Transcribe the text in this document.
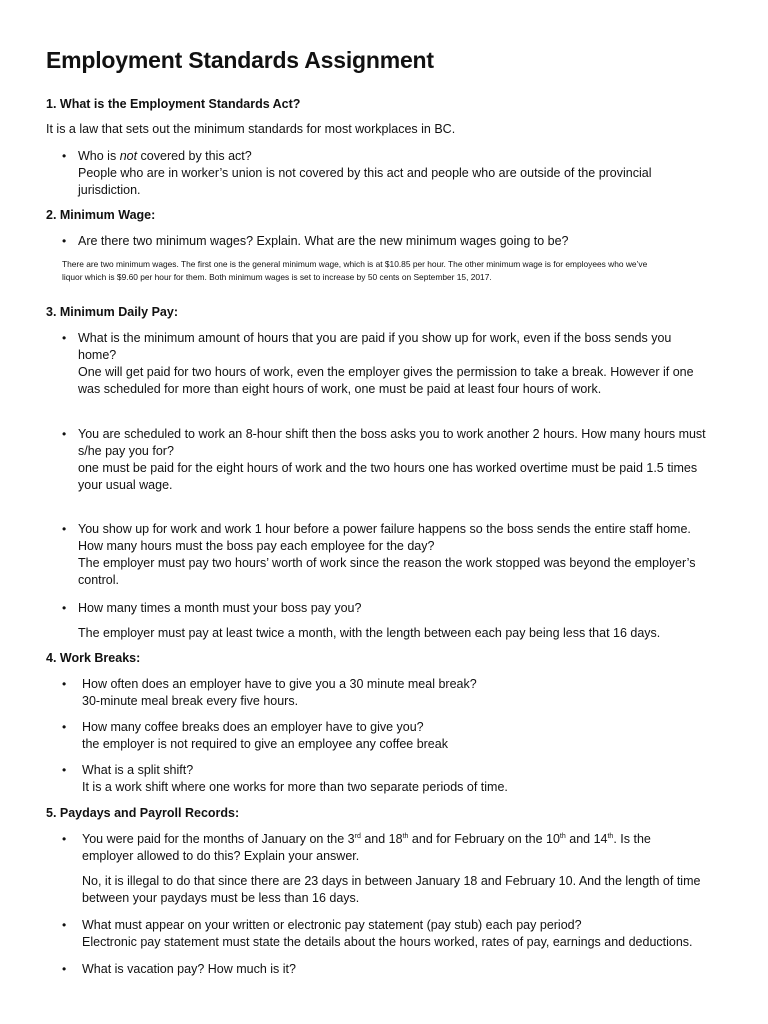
Employment Standards Assignment
1. What is the Employment Standards Act?
It is a law that sets out the minimum standards for most workplaces in BC.
• Who is not covered by this act?
People who are in worker’s union is not covered by this act and people who are outside of the provincial
jurisdiction.
2. Minimum Wage:
• Are there two minimum wages? Explain. What are the new minimum wages going to be?
There are two minimum wages. The first one is the general minimum wage, which is at $10.85 per hour. The other minimum wage is for employees who we’ve
liquor which is $9.60 per hour for them. Both minimum wages is set to increase by 50 cents on September 15, 2017.
3. Minimum Daily Pay:
• What is the minimum amount of hours that you are paid if you show up for work, even if the boss sends you
home?
One will get paid for two hours of work, even the employer gives the permission to take a break. However if one
was scheduled for more than eight hours of work, one must be paid at least four hours of work.
• You are scheduled to work an 8-hour shift then the boss asks you to work another 2 hours. How many hours must
s/he pay you for?
one must be paid for the eight hours of work and the two hours one has worked overtime must be paid 1.5 times
your usual wage.
• You show up for work and work 1 hour before a power failure happens so the boss sends the entire staff home.
How many hours must the boss pay each employee for the day?
The employer must pay two hours’ worth of work since the reason the work stopped was beyond the employer’s
control.
• How many times a month must your boss pay you?
The employer must pay at least twice a month, with the length between each pay being less that 16 days.
4. Work Breaks:
• How often does an employer have to give you a 30 minute meal break?
30-minute meal break every five hours.
• How many coffee breaks does an employer have to give you?
the employer is not required to give an employee any coffee break
• What is a split shift?
It is a work shift where one works for more than two separate periods of time.
5. Paydays and Payroll Records:
• You were paid for the months of January on the 3rd and 18th and for February on the 10th and 14th. Is the
employer allowed to do this? Explain your answer.
No, it is illegal to do that since there are 23 days in between January 18 and February 10. And the length of time
between your paydays must be less than 16 days.
• What must appear on your written or electronic pay statement (pay stub) each pay period?
Electronic pay statement must state the details about the hours worked, rates of pay, earnings and deductions.
• What is vacation pay? How much is it?
